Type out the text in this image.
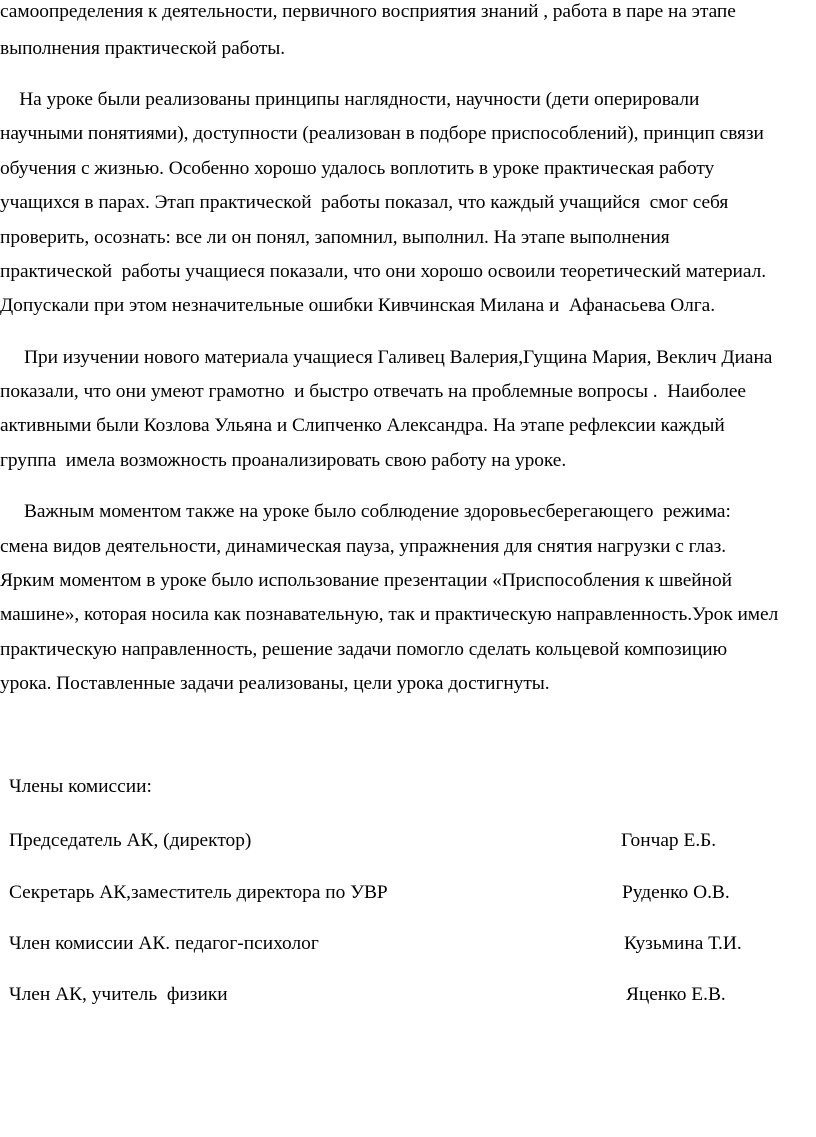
самоопределения к деятельности, первичного восприятия знаний , работа в паре на этапе
выполнения практической работы.
На уроке были реализованы принципы наглядности, научности (дети оперировали
научными понятиями), доступности (реализован в подборе приспособлений), принцип связи
обучения с жизнью. Особенно хорошо удалось воплотить в уроке практическая работу
учащихся в парах. Этап практической  работы показал, что каждый учащийся  смог себя
проверить, осознать: все ли он понял, запомнил, выполнил. На этапе выполнения
практической  работы учащиеся показали, что они хорошо освоили теоретический материал.
Допускали при этом незначительные ошибки Кивчинская Милана и  Афанасьева Олга.
При изучении нового материала учащиеся Галивец Валерия,Гущина Мария, Веклич Диана
показали, что они умеют грамотно  и быстро отвечать на проблемные вопросы .  Наиболее
активными были Козлова Ульяна и Слипченко Александра. На этапе рефлексии каждый
группа  имела возможность проанализировать свою работу на уроке.
Важным моментом также на уроке было соблюдение здоровьесберегающего  режима:
смена видов деятельности, динамическая пауза, упражнения для снятия нагрузки с глаз.
Ярким моментом в уроке было использование презентации «Приспособления к швейной
машине», которая носила как познавательную, так и практическую направленность.Урок имел
практическую направленность, решение задачи помогло сделать кольцевой композицию
урока. Поставленные задачи реализованы, цели урока достигнуты.
Члены комиссии:
Председатель АК, (директор)	Гончар Е.Б.
Секретарь АК,заместитель директора по УВР	Руденко О.В.
Член комиссии АК. педагог-психолог	Кузьмина Т.И.
Член АК, учитель  физики	Яценко Е.В.
